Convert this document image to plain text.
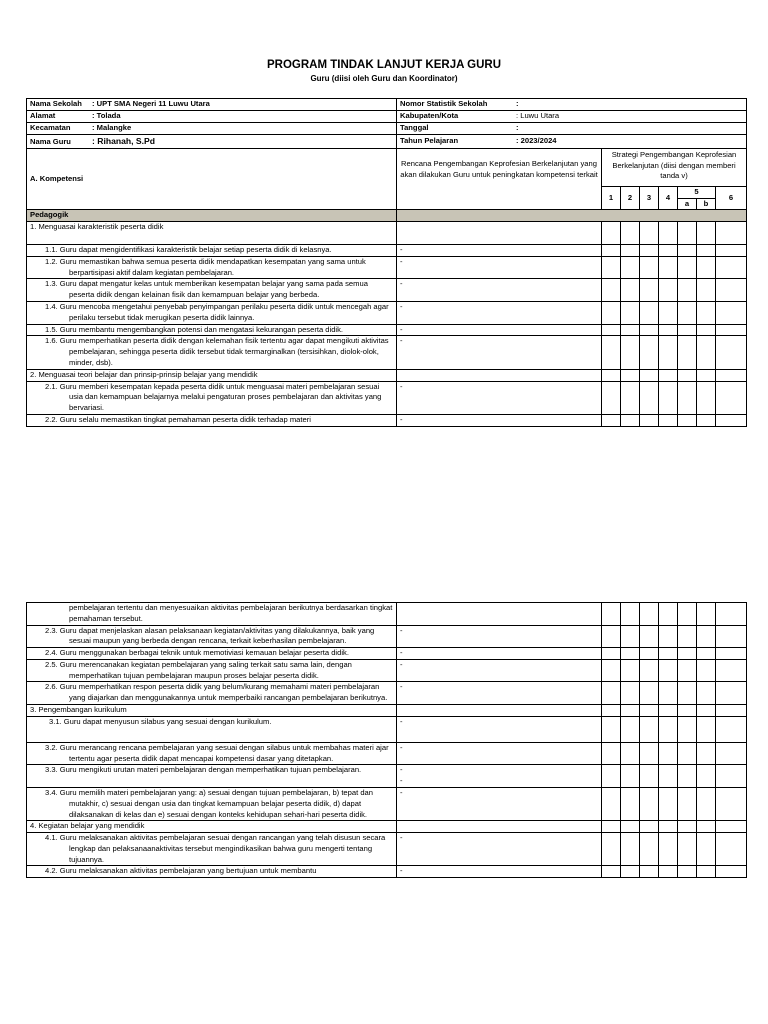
PROGRAM TINDAK LANJUT KERJA GURU
Guru (diisi oleh Guru dan Koordinator)
Nama Sekolah : UPT SMA Negeri 11 Luwu Utara	Nomor Statistik Sekolah :							
Alamat : Tolada	Kabupaten/Kota : Luwu Utara							
Kecamatan : Malangke	Tanggal :							
Nama Guru : Rihanah, S.Pd	Tahun Pelajaran : 2023/2024							
A. Kompetensi	Rencana Pengembangan Keprofesian Berkelanjutan yang akan dilakukan Guru untuk peningkatan kompetensi terkait	Strategi Pengembangan Keprofesian Berkelanjutan (diisi dengan memberi tanda v)						
		1	2	3	4	5		6
						a	b	
Pedagogik								
1. Menguasai karakteristik peserta didik								
1.1. Guru dapat mengidentifikasi karakteristik belajar setiap peserta didik di kelasnya.	-							
1.2. Guru memastikan bahwa semua peserta didik mendapatkan kesempatan yang sama untuk berpartisipasi aktif dalam kegiatan pembelajaran.	-							
1.3. Guru dapat mengatur kelas untuk memberikan kesempatan belajar yang sama pada semua peserta didik dengan kelainan fisik dan kemampuan belajar yang berbeda.	-							
1.4. Guru mencoba mengetahui penyebab penyimpangan perilaku peserta didik untuk mencegah agar perilaku tersebut tidak merugikan peserta didik lainnya.	-							
1.5. Guru membantu mengembangkan potensi dan mengatasi kekurangan peserta didik.	-							
1.6. Guru memperhatikan peserta didik dengan kelemahan fisik tertentu agar dapat mengikuti aktivitas pembelajaran, sehingga peserta didik tersebut tidak termarginalkan (tersisihkan, diolok-olok, minder, dsb).	-							
2. Menguasai teori belajar dan prinsip-prinsip belajar yang mendidik								
2.1. Guru memberi kesempatan kepada peserta didik untuk menguasai materi pembelajaran sesuai usia dan kemampuan belajarnya melalui pengaturan proses pembelajaran dan aktivitas yang bervariasi.	-							
2.2. Guru selalu memastikan tingkat pemahaman peserta didik terhadap materi	-							
pembelajaran tertentu dan menyesuaikan aktivitas pembelajaran berikutnya berdasarkan tingkat pemahaman tersebut.								
2.3. Guru dapat menjelaskan alasan pelaksanaan kegiatan/aktivitas yang dilakukannya, baik yang sesuai maupun yang berbeda dengan rencana, terkait keberhasilan pembelajaran.	-							
2.4. Guru menggunakan berbagai teknik untuk memotiviasi kemauan belajar peserta didik.	-							
2.5. Guru merencanakan kegiatan pembelajaran yang saling terkait satu sama lain, dengan memperhatikan tujuan pembelajaran maupun proses belajar peserta didik.	-							
2.6. Guru memperhatikan respon peserta didik yang belum/kurang memahami materi pembelajaran yang diajarkan dan menggunakannya untuk memperbaiki rancangan pembelajaran berikutnya.	-							
3. Pengembangan kurikulum								
3.1. Guru dapat menyusun silabus yang sesuai dengan kurikulum.	-							
3.2. Guru merancang rencana pembelajaran yang sesuai dengan silabus untuk membahas materi ajar tertentu agar peserta didik dapat mencapai kompetensi dasar yang ditetapkan.	-							
3.3. Guru mengikuti urutan materi pembelajaran dengan memperhatikan tujuan pembelajaran.	-
-							

3.4. Guru memilih materi pembelajaran yang: a) sesuai dengan tujuan pembelajaran, b) tepat dan mutakhir, c) sesuai dengan usia dan tingkat kemampuan belajar peserta didik, d) dapat dilaksanakan di kelas dan e) sesuai dengan konteks kehidupan sehari-hari peserta didik.	-							
4. Kegiatan belajar yang mendidik								
4.1. Guru melaksanakan aktivitas pembelajaran sesuai dengan rancangan yang telah disusun secara lengkap dan pelaksanaanaktivitas tersebut mengindikasikan bahwa guru mengerti tentang tujuannya.	-							
4.2. Guru melaksanakan aktivitas pembelajaran yang bertujuan untuk membantu	-							
